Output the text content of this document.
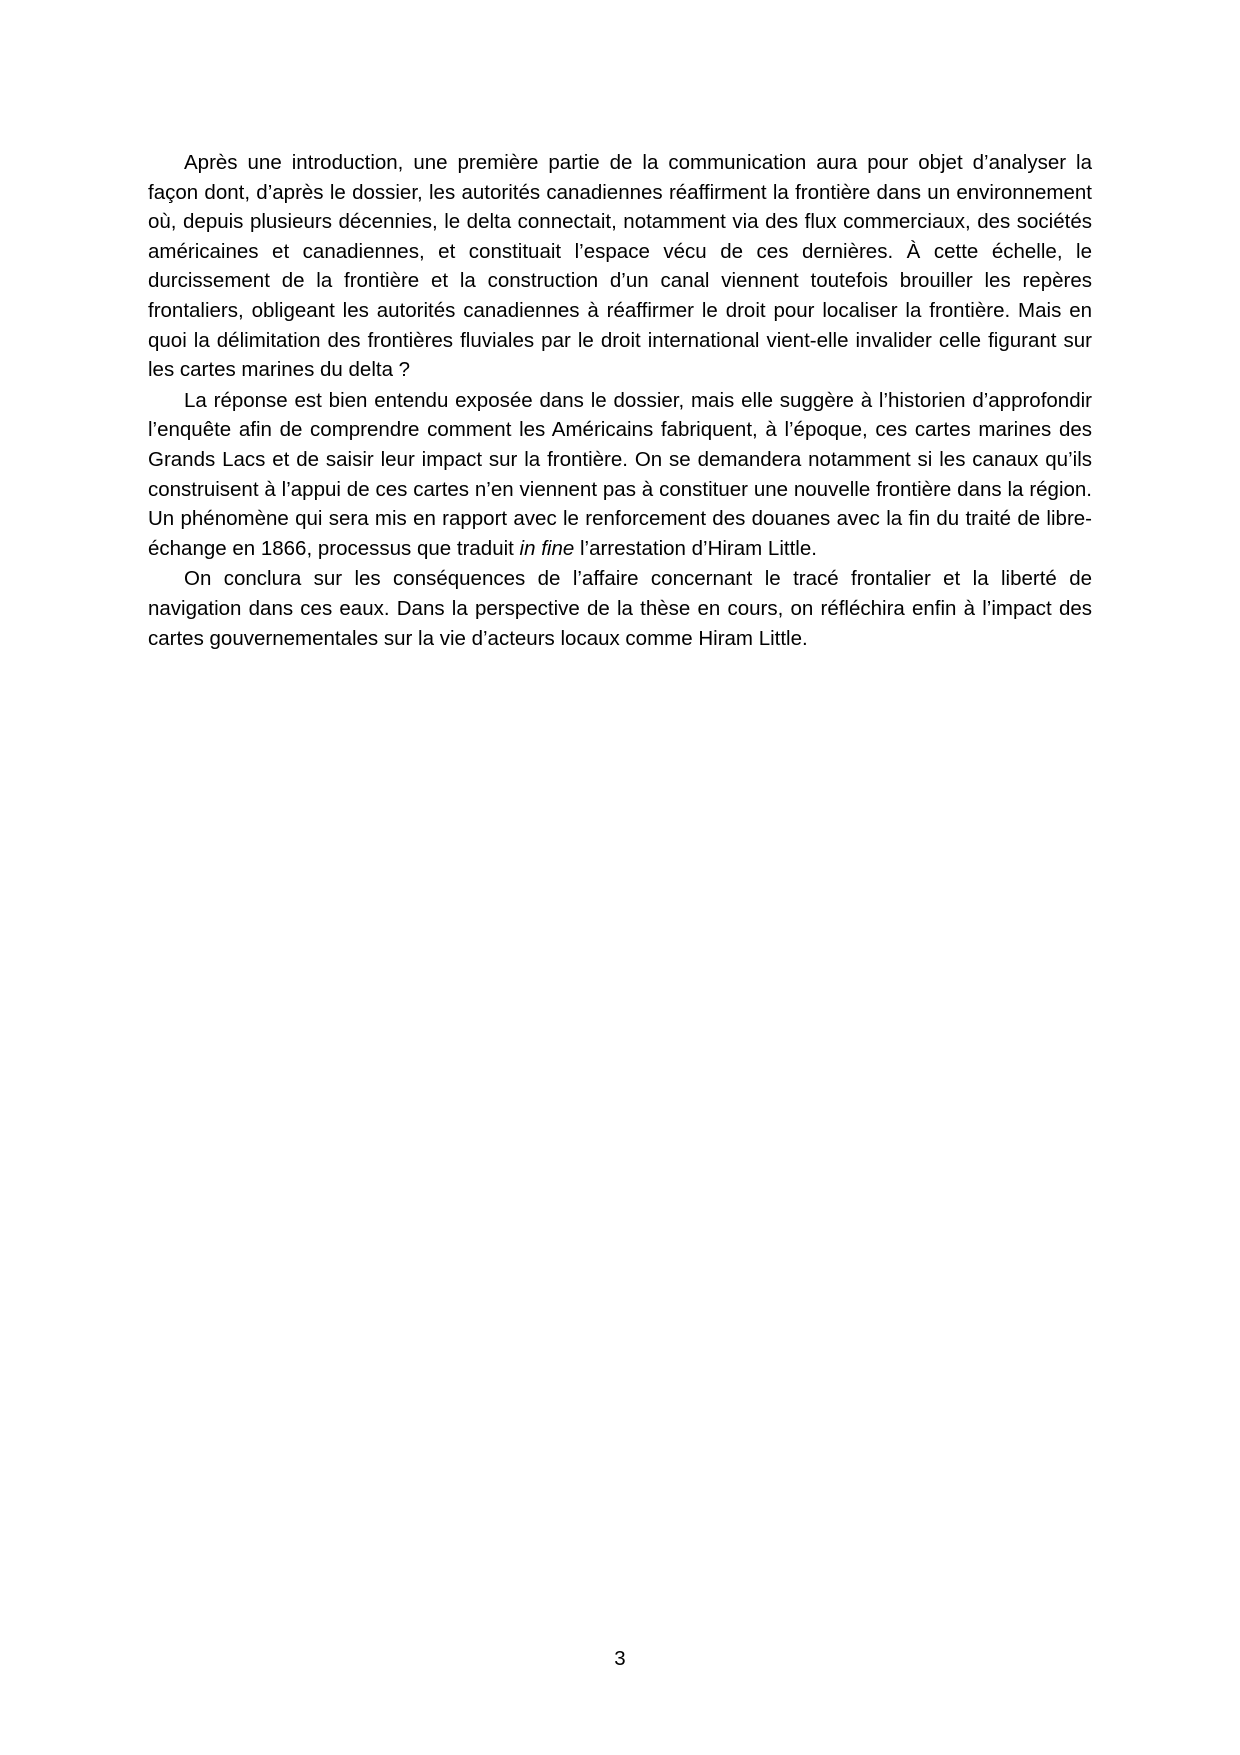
Après une introduction, une première partie de la communication aura pour objet d’analyser la façon dont, d’après le dossier, les autorités canadiennes réaffirment la frontière dans un environnement où, depuis plusieurs décennies, le delta connectait, notamment via des flux commerciaux, des sociétés américaines et canadiennes, et constituait l’espace vécu de ces dernières. À cette échelle, le durcissement de la frontière et la construction d’un canal viennent toutefois brouiller les repères frontaliers, obligeant les autorités canadiennes à réaffirmer le droit pour localiser la frontière. Mais en quoi la délimitation des frontières fluviales par le droit international vient-elle invalider celle figurant sur les cartes marines du delta ?

La réponse est bien entendu exposée dans le dossier, mais elle suggère à l’historien d’approfondir l’enquête afin de comprendre comment les Américains fabriquent, à l’époque, ces cartes marines des Grands Lacs et de saisir leur impact sur la frontière. On se demandera notamment si les canaux qu’ils construisent à l’appui de ces cartes n’en viennent pas à constituer une nouvelle frontière dans la région. Un phénomène qui sera mis en rapport avec le renforcement des douanes avec la fin du traité de libre-échange en 1866, processus que traduit in fine l’arrestation d’Hiram Little.

On conclura sur les conséquences de l’affaire concernant le tracé frontalier et la liberté de navigation dans ces eaux. Dans la perspective de la thèse en cours, on réfléchira enfin à l’impact des cartes gouvernementales sur la vie d’acteurs locaux comme Hiram Little.

3
